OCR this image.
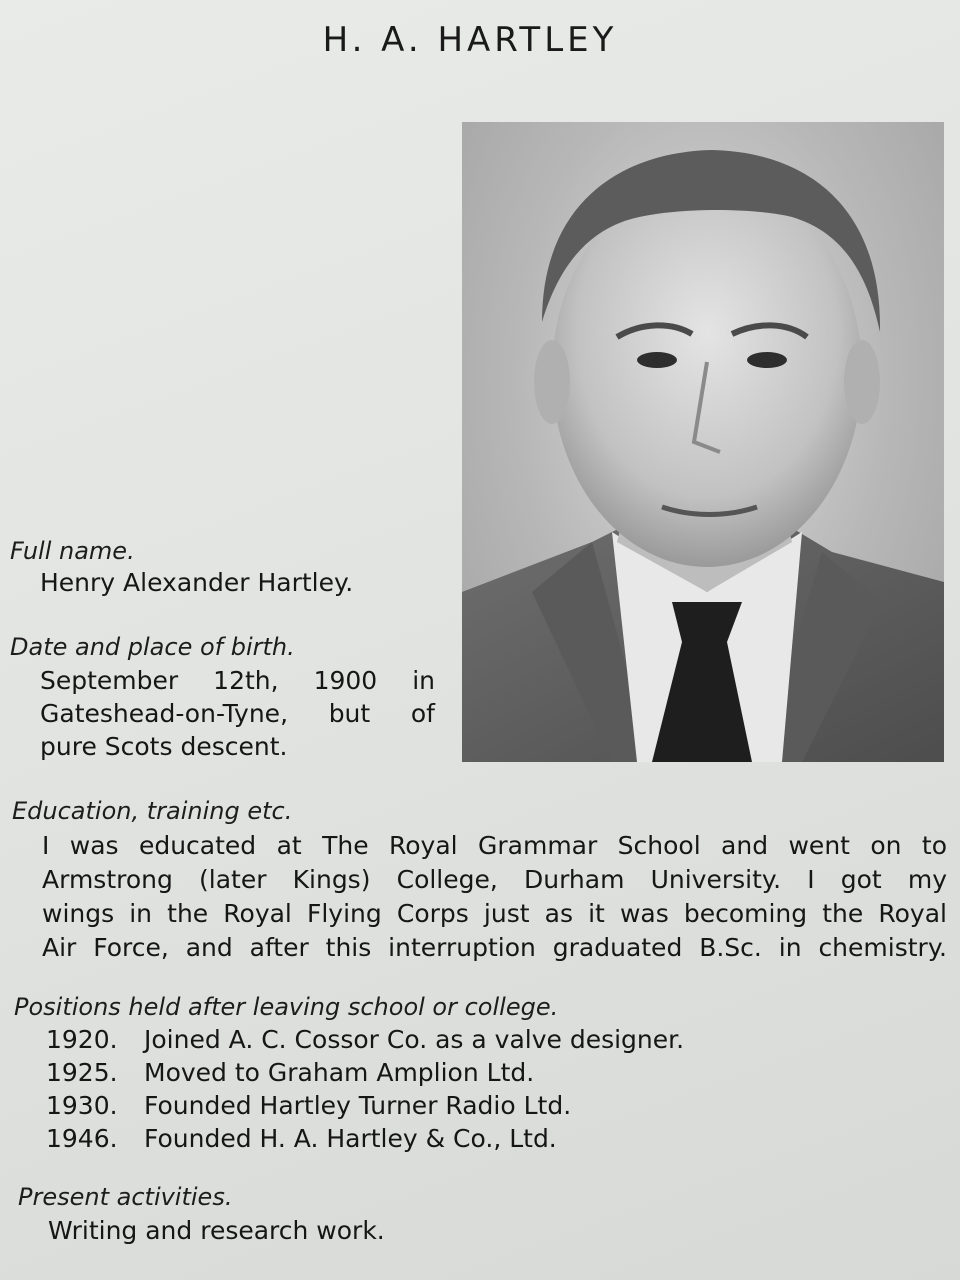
H. A. HARTLEY
Full name.
Henry Alexander Hartley.
Date and place of birth.
September 12th, 1900 in
Gateshead-on-Tyne, but of
pure Scots descent.
Education, training etc.
I was educated at The Royal Grammar School and went on to
Armstrong (later Kings) College, Durham University. I got my
wings in the Royal Flying Corps just as it was becoming the Royal
Air Force, and after this interruption graduated B.Sc. in chemistry.
Positions held after leaving school or college.
1920. Joined A. C. Cossor Co. as a valve designer.
1925. Moved to Graham Amplion Ltd.
1930. Founded Hartley Turner Radio Ltd.
1946. Founded H. A. Hartley & Co., Ltd.
Present activities.
Writing and research work.
